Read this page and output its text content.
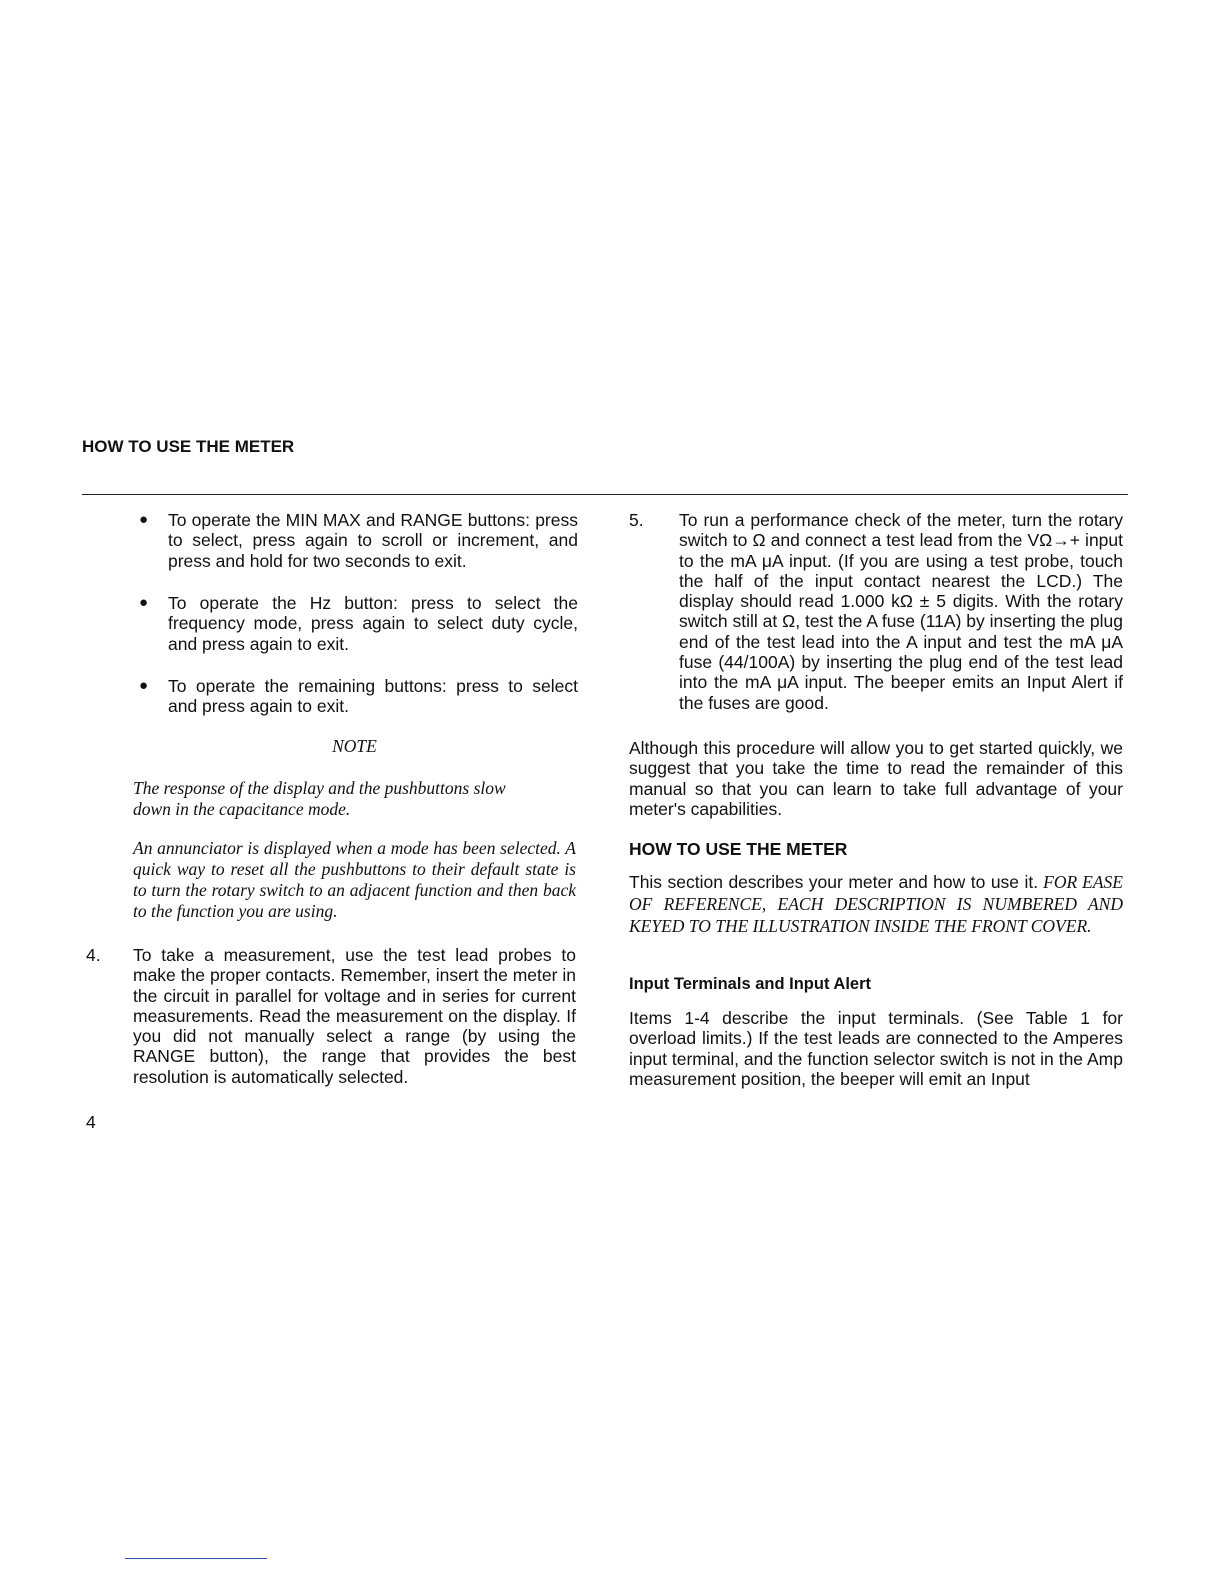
HOW TO USE THE METER
● To operate the MIN MAX and RANGE buttons: press to select, press again to scroll or increment, and press and hold for two seconds to exit.
● To operate the Hz button: press to select the frequency mode, press again to select duty cycle, and press again to exit.
● To operate the remaining buttons: press to select and press again to exit.
NOTE
The response of the display and the pushbuttons slow down in the capacitance mode.
An annunciator is displayed when a mode has been selected. A quick way to reset all the pushbuttons to their default state is to turn the rotary switch to an adjacent function and then back to the function you are using.
4. To take a measurement, use the test lead probes to make the proper contacts. Remember, insert the meter in the circuit in parallel for voltage and in series for current measurements. Read the measurement on the display. If you did not manually select a range (by using the RANGE button), the range that provides the best resolution is automatically selected.
4
5. To run a performance check of the meter, turn the rotary switch to Ω and connect a test lead from the VΩ→+ input to the mA μA input. (If you are using a test probe, touch the half of the input contact nearest the LCD.) The display should read 1.000 kΩ ± 5 digits. With the rotary switch still at Ω, test the A fuse (11A) by inserting the plug end of the test lead into the A input and test the mA μA fuse (44/100A) by inserting the plug end of the test lead into the mA μA input. The beeper emits an Input Alert if the fuses are good.
Although this procedure will allow you to get started quickly, we suggest that you take the time to read the remainder of this manual so that you can learn to take full advantage of your meter's capabilities.
HOW TO USE THE METER
This section describes your meter and how to use it. FOR EASE OF REFERENCE, EACH DESCRIPTION IS NUMBERED AND KEYED TO THE ILLUSTRATION INSIDE THE FRONT COVER.
Input Terminals and Input Alert
Items 1-4 describe the input terminals. (See Table 1 for overload limits.) If the test leads are connected to the Amperes input terminal, and the function selector switch is not in the Amp measurement position, the beeper will emit an Input
